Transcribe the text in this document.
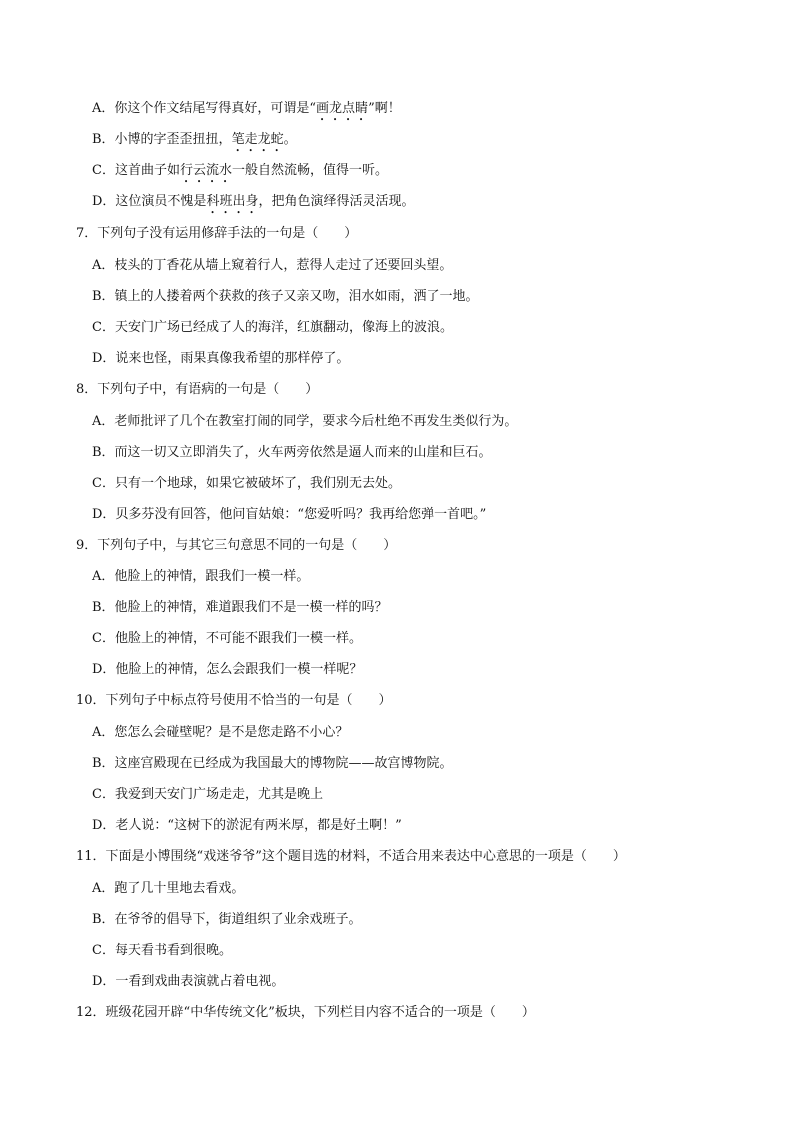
A．你这个作文结尾写得真好，可谓是“画龙点睛”啊！
B．小博的字歪歪扭扭，笔走龙蛇。
C．这首曲子如行云流水一般自然流畅，值得一听。
D．这位演员不愧是科班出身，把角色演绎得活灵活现。
7．下列句子没有运用修辞手法的一句是（　　）
A．枝头的丁香花从墙上窥着行人，惹得人走过了还要回头望。
B．镇上的人搂着两个获救的孩子又亲又吻，泪水如雨，洒了一地。
C．天安门广场已经成了人的海洋，红旗翻动，像海上的波浪。
D．说来也怪，雨果真像我希望的那样停了。
8．下列句子中，有语病的一句是（　　）
A．老师批评了几个在教室打闹的同学，要求今后杜绝不再发生类似行为。
B．而这一切又立即消失了，火车两旁依然是逼人而来的山崖和巨石。
C．只有一个地球，如果它被破坏了，我们别无去处。
D．贝多芬没有回答，他问盲姑娘：“您爱听吗？我再给您弹一首吧。”
9．下列句子中，与其它三句意思不同的一句是（　　）
A．他脸上的神情，跟我们一模一样。
B．他脸上的神情，难道跟我们不是一模一样的吗？
C．他脸上的神情，不可能不跟我们一模一样。
D．他脸上的神情，怎么会跟我们一模一样呢？
10．下列句子中标点符号使用不恰当的一句是（　　）
A．您怎么会碰壁呢？是不是您走路不小心？
B．这座宫殿现在已经成为我国最大的博物院——故宫博物院。
C．我爱到天安门广场走走，尤其是晚上
D．老人说：“这树下的淤泥有两米厚，都是好土啊！”
11．下面是小博围绕“戏迷爷爷”这个题目选的材料，不适合用来表达中心意思的一项是（　　）
A．跑了几十里地去看戏。
B．在爷爷的倡导下，街道组织了业余戏班子。
C．每天看书看到很晚。
D．一看到戏曲表演就占着电视。
12．班级花园开辟“中华传统文化”板块，下列栏目内容不适合的一项是（　　）
